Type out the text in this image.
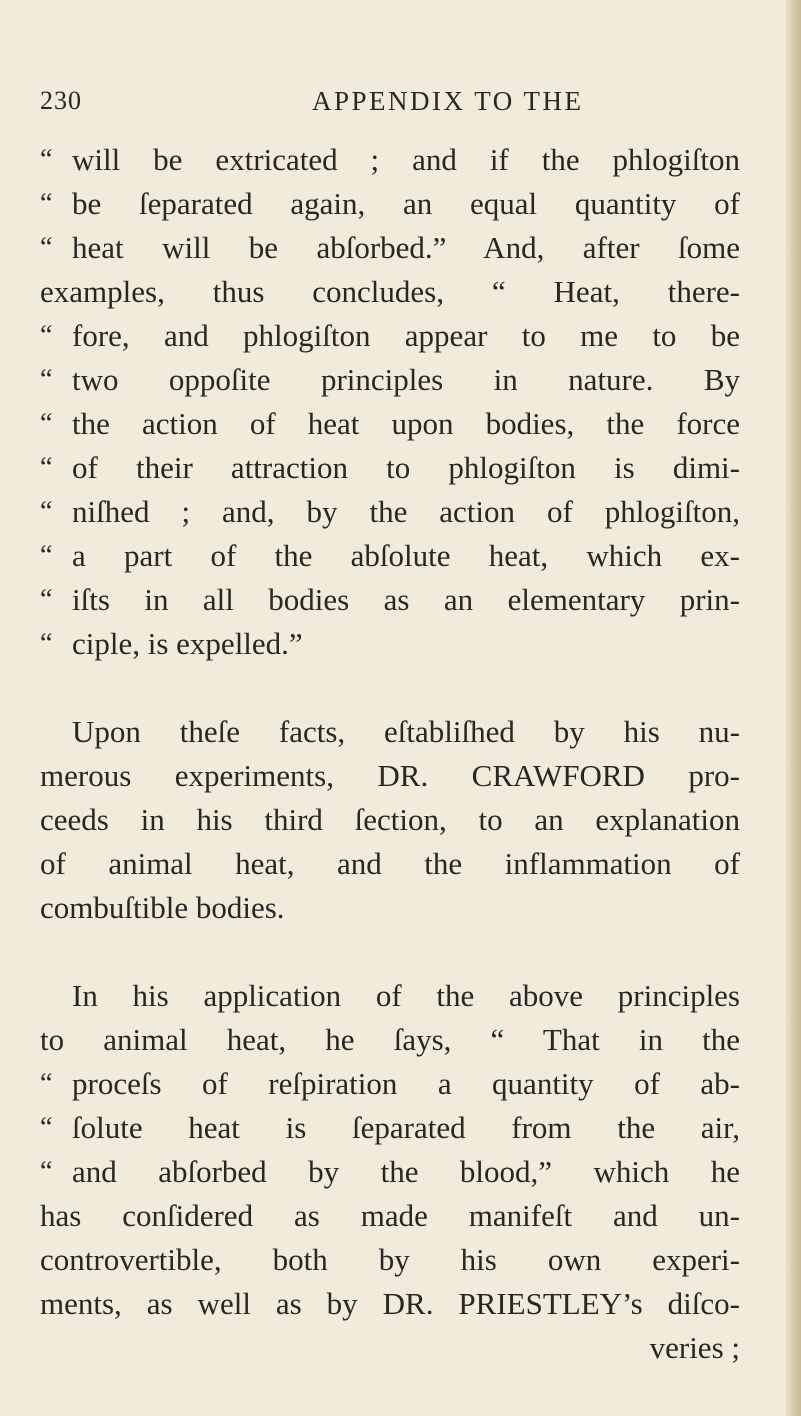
230	APPENDIX TO THE
“ will be extricated ; and if the phlogiſton
“ be ſeparated again, an equal quantity of
“ heat will be abſorbed.” And, after ſome
examples, thus concludes, “ Heat, there-
“ fore, and phlogiſton appear to me to be
“ two oppoſite principles in nature. By
“ the action of heat upon bodies, the force
“ of their attraction to phlogiſton is dimi-
“ niſhed ; and, by the action of phlogiſton,
“ a part of the abſolute heat, which ex-
“ iſts in all bodies as an elementary prin-
“ ciple, is expelled.”
Upon theſe facts, eſtabliſhed by his nu-
merous experiments, DR. CRAWFORD pro-
ceeds in his third ſection, to an explanation
of animal heat, and the inflammation of
combuſtible bodies.
In his application of the above principles
to animal heat, he ſays, “ That in the
“ proceſs of reſpiration a quantity of ab-
“ ſolute heat is ſeparated from the air,
“ and abſorbed by the blood,” which he
has conſidered as made manifeſt and un-
controvertible, both by his own experi-
ments, as well as by DR. PRIESTLEY’s diſco-
veries ;
